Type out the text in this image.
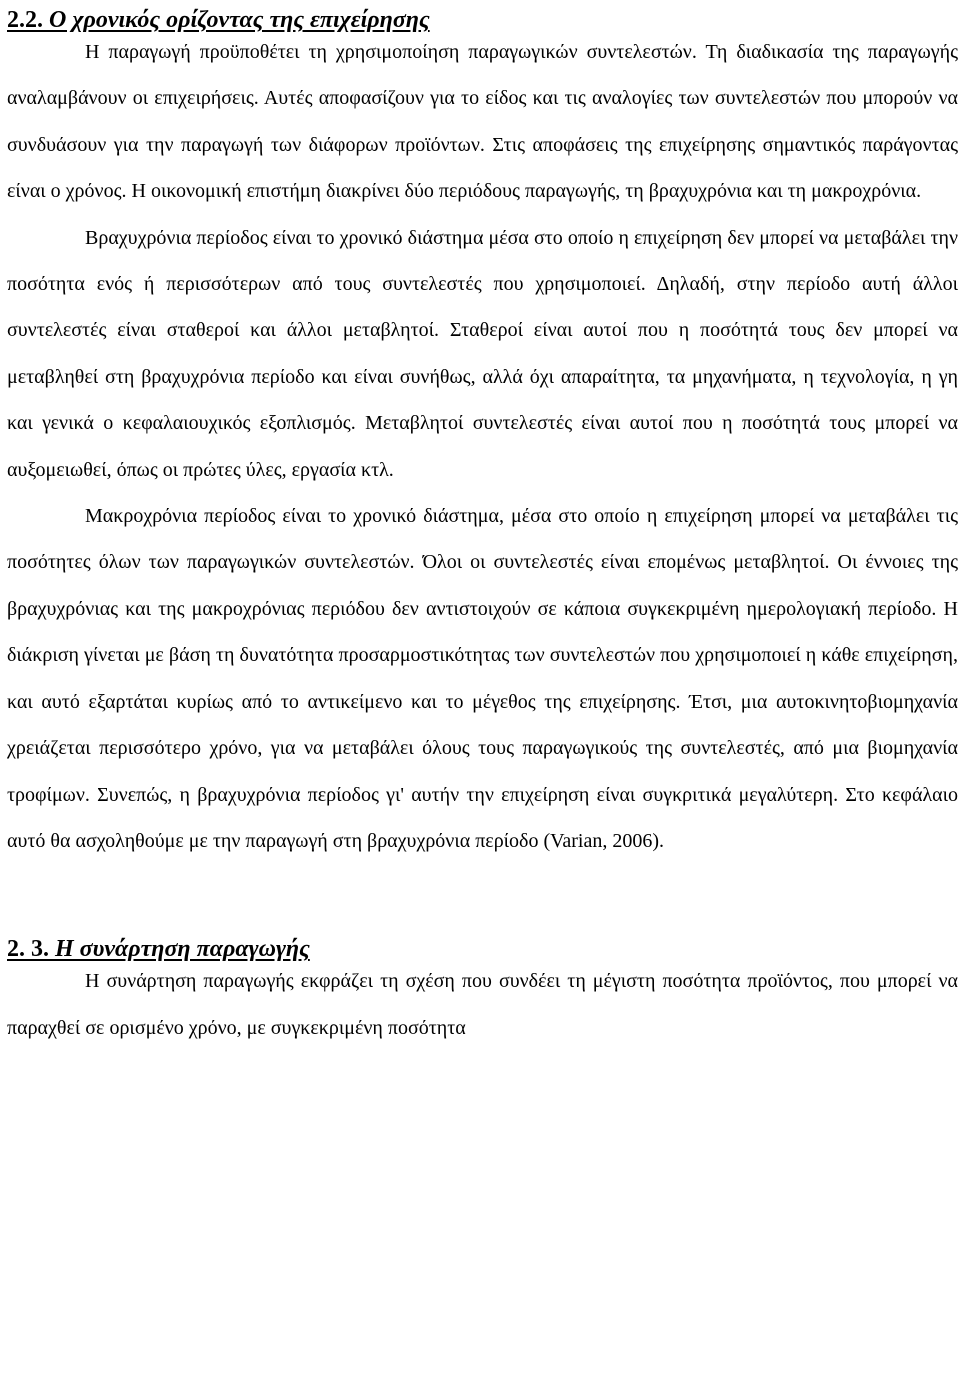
2.2. Ο χρονικός ορίζοντας της επιχείρησης

Η παραγωγή προϋποθέτει τη χρησιμοποίηση παραγωγικών συντελεστών. Τη διαδικασία της παραγωγής αναλαμβάνουν οι επιχειρήσεις. Αυτές αποφασίζουν για το είδος και τις αναλογίες των συντελεστών που μπορούν να συνδυάσουν για την παραγωγή των διάφορων προϊόντων. Στις αποφάσεις της επιχείρησης σημαντικός παράγοντας είναι ο χρόνος. Η οικονομική επιστήμη διακρίνει δύο περιόδους παραγωγής, τη βραχυχρόνια και τη μακροχρόνια.

Βραχυχρόνια περίοδος είναι το χρονικό διάστημα μέσα στο οποίο η επιχείρηση δεν μπορεί να μεταβάλει την ποσότητα ενός ή περισσότερων από τους συντελεστές που χρησιμοποιεί. Δηλαδή, στην περίοδο αυτή άλλοι συντελεστές είναι σταθεροί και άλλοι μεταβλητοί. Σταθεροί είναι αυτοί που η ποσότητά τους δεν μπορεί να μεταβληθεί στη βραχυχρόνια περίοδο και είναι συνήθως, αλλά όχι απαραίτητα, τα μηχανήματα, η τεχνολογία, η γη και γενικά ο κεφαλαιουχικός εξοπλισμός. Μεταβλητοί συντελεστές είναι αυτοί που η ποσότητά τους μπορεί να αυξομειωθεί, όπως οι πρώτες ύλες, εργασία κτλ.

Μακροχρόνια περίοδος είναι το χρονικό διάστημα, μέσα στο οποίο η επιχείρηση μπορεί να μεταβάλει τις ποσότητες όλων των παραγωγικών συντελεστών. Όλοι οι συντελεστές είναι επομένως μεταβλητοί. Οι έννοιες της βραχυχρόνιας και της μακροχρόνιας περιόδου δεν αντιστοιχούν σε κάποια συγκεκριμένη ημερολογιακή περίοδο. Η διάκριση γίνεται με βάση τη δυνατότητα προσαρμοστικότητας των συντελεστών που χρησιμοποιεί η κάθε επιχείρηση, και αυτό εξαρτάται κυρίως από το αντικείμενο και το μέγεθος της επιχείρησης. Έτσι, μια αυτοκινητοβιομηχανία χρειάζεται περισσότερο χρόνο, για να μεταβάλει όλους τους παραγωγικούς της συντελεστές, από μια βιομηχανία τροφίμων. Συνεπώς, η βραχυχρόνια περίοδος γι' αυτήν την επιχείρηση είναι συγκριτικά μεγαλύτερη. Στο κεφάλαιο αυτό θα ασχοληθούμε με την παραγωγή στη βραχυχρόνια περίοδο (Varian, 2006).

2. 3. Η συνάρτηση παραγωγής

Η συνάρτηση παραγωγής εκφράζει τη σχέση που συνδέει τη μέγιστη ποσότητα προϊόντος, που μπορεί να παραχθεί σε ορισμένο χρόνο, με συγκεκριμένη ποσότητα
